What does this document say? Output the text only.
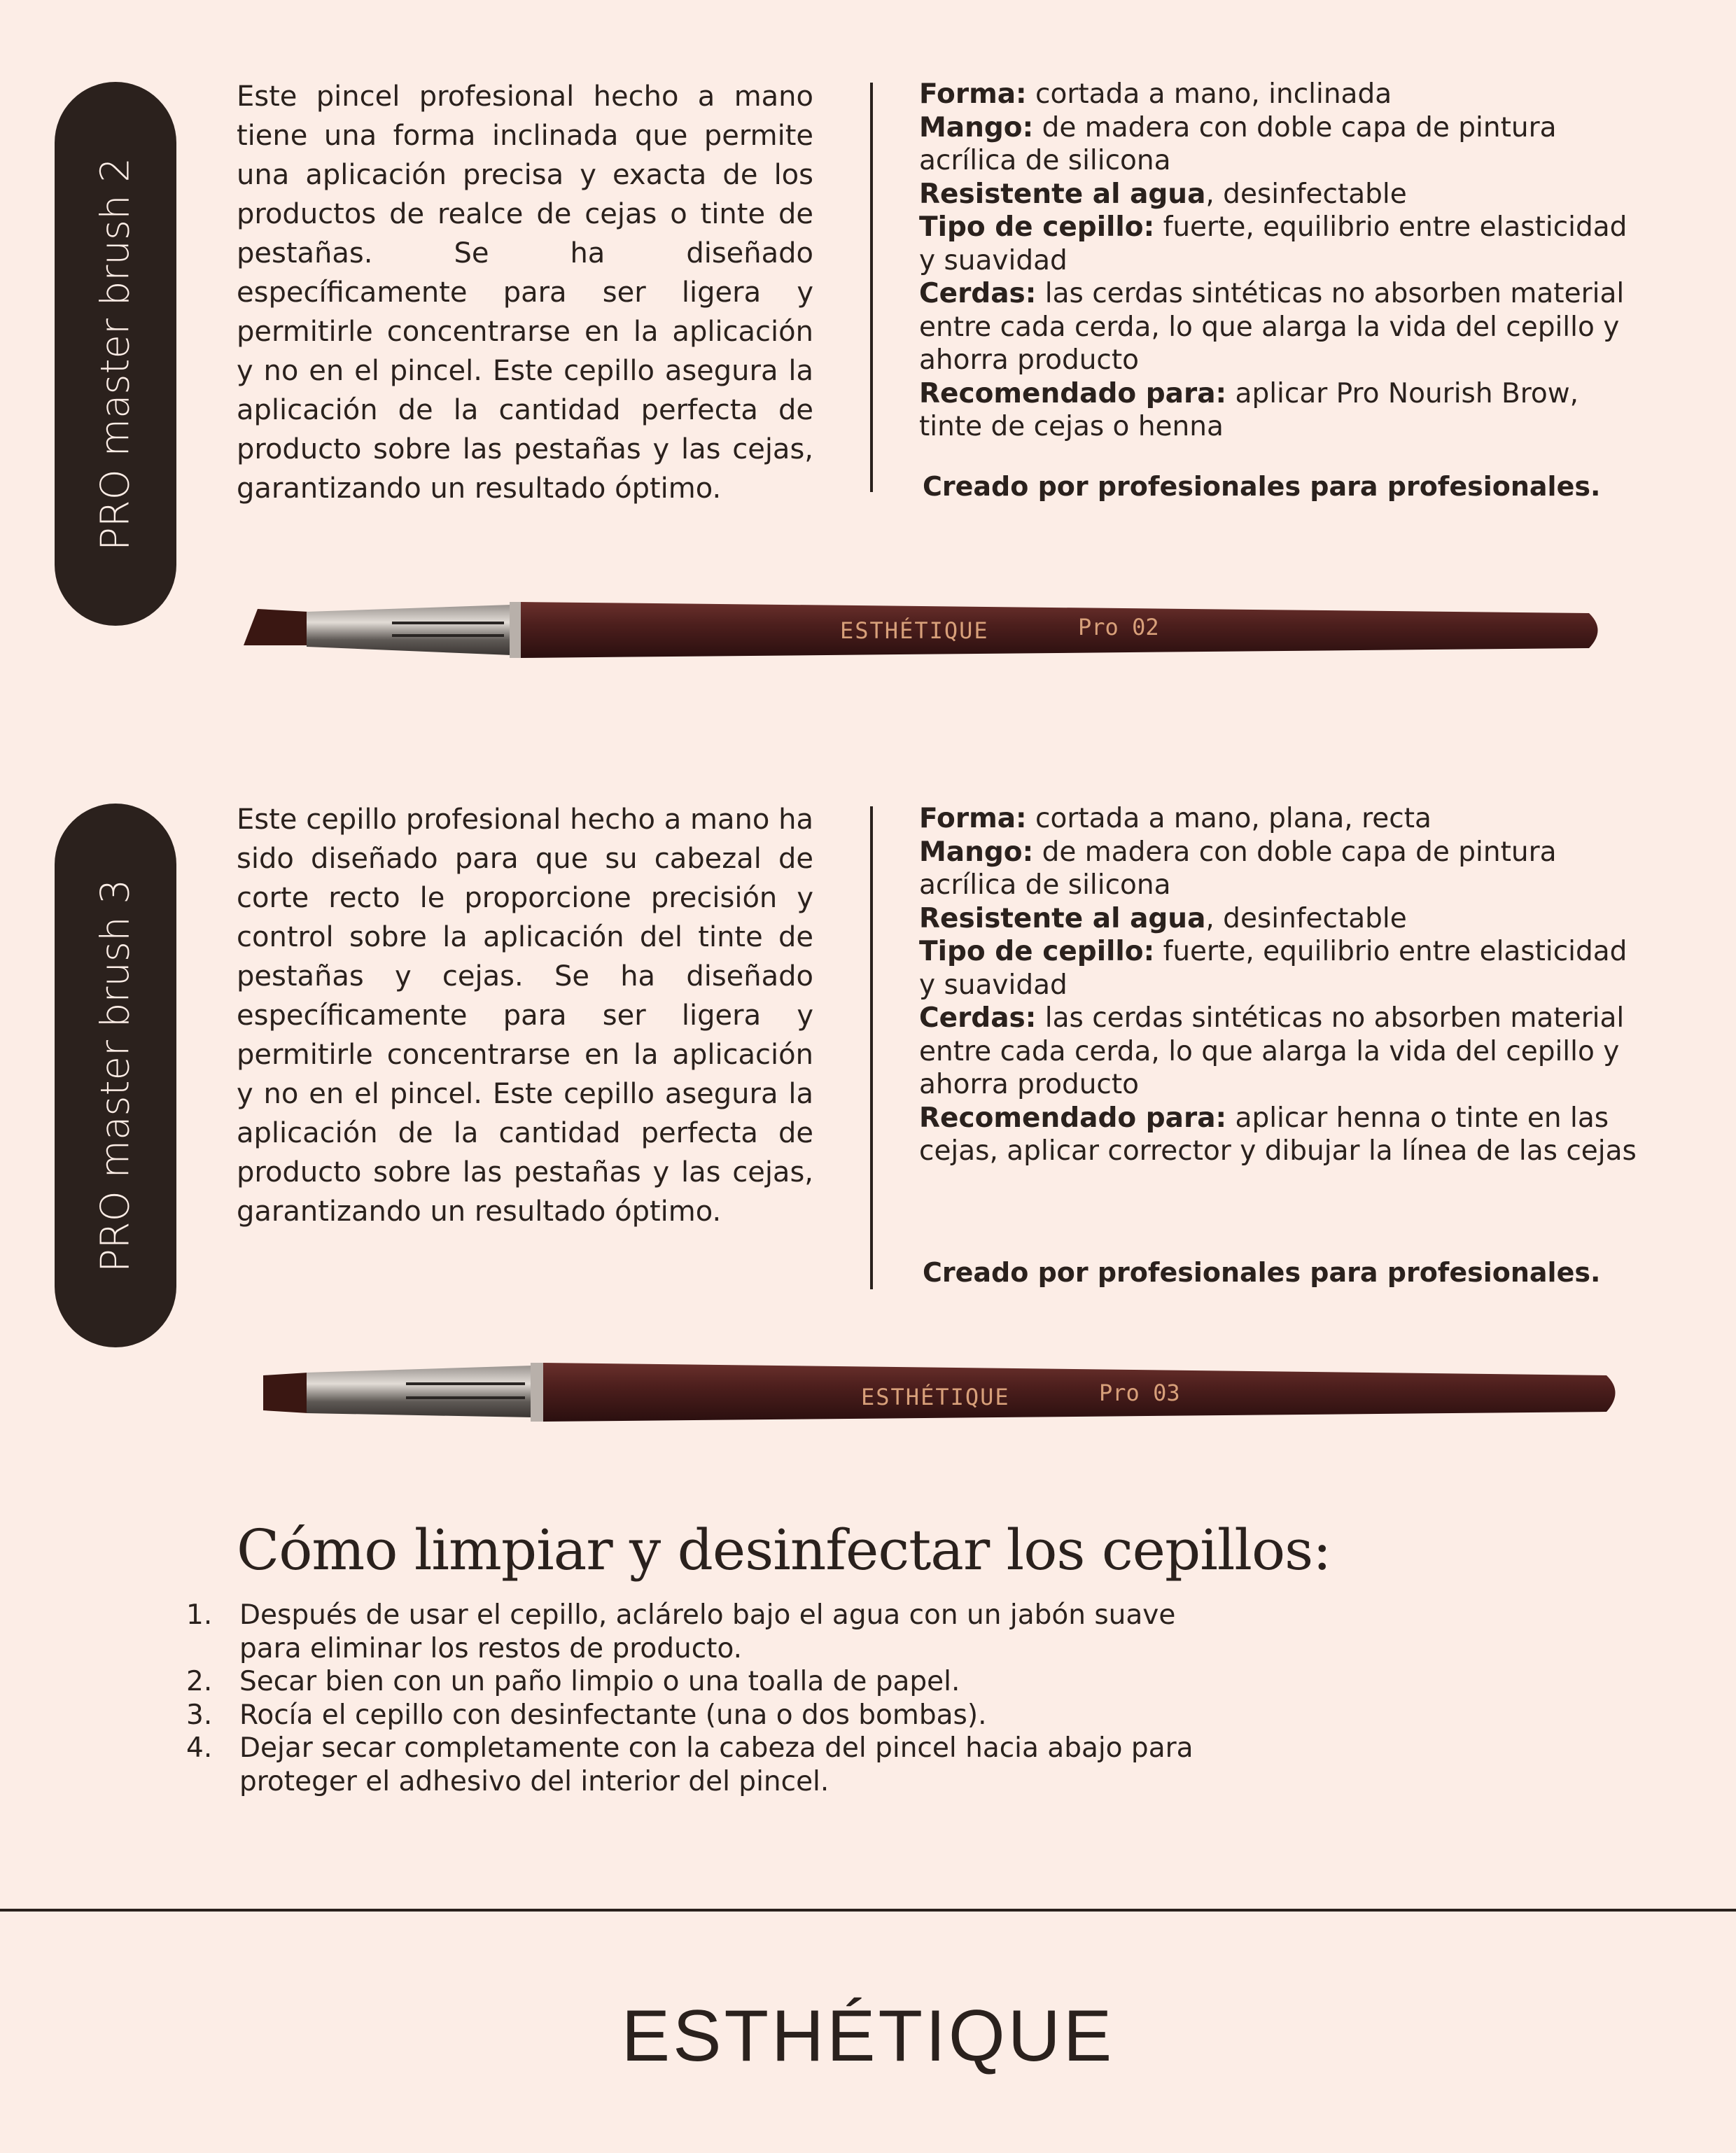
PRO master brush 2
Este pincel profesional hecho a mano tiene una forma inclinada que permite una aplicación precisa y exacta de los productos de realce de cejas o tinte de pestañas. Se ha diseñado específicamente para ser ligera y permitirle concentrarse en la aplicación y no en el pincel. Este cepillo asegura la aplicación de la cantidad perfecta de producto sobre las pestañas y las cejas, garantizando un resultado óptimo.
Forma: cortada a mano, inclinada
Mango: de madera con doble capa de pintura acrílica de silicona
Resistente al agua, desinfectable
Tipo de cepillo: fuerte, equilibrio entre elasticidad y suavidad
Cerdas: las cerdas sintéticas no absorben material entre cada cerda, lo que alarga la vida del cepillo y ahorra producto
Recomendado para: aplicar Pro Nourish Brow, tinte de cejas o henna
Creado por profesionales para profesionales.
ESTHÉTIQUE	Pro 02
PRO master brush 3
Este cepillo profesional hecho a mano ha sido diseñado para que su cabezal de corte recto le proporcione precisión y control sobre la aplicación del tinte de pestañas y cejas. Se ha diseñado específicamente para ser ligera y permitirle concentrarse en la aplicación y no en el pincel. Este cepillo asegura la aplicación de la cantidad perfecta de producto sobre las pestañas y las cejas, garantizando un resultado óptimo.
Forma: cortada a mano, plana, recta
Mango: de madera con doble capa de pintura acrílica de silicona
Resistente al agua, desinfectable
Tipo de cepillo: fuerte, equilibrio entre elasticidad y suavidad
Cerdas: las cerdas sintéticas no absorben material entre cada cerda, lo que alarga la vida del cepillo y ahorra producto
Recomendado para: aplicar henna o tinte en las cejas, aplicar corrector y dibujar la línea de las cejas
Creado por profesionales para profesionales.
ESTHÉTIQUE	Pro 03
Cómo limpiar y desinfectar los cepillos:
1. Después de usar el cepillo, aclárelo bajo el agua con un jabón suave para eliminar los restos de producto.
2. Secar bien con un paño limpio o una toalla de papel.
3. Rocía el cepillo con desinfectante (una o dos bombas).
4. Dejar secar completamente con la cabeza del pincel hacia abajo para proteger el adhesivo del interior del pincel.
ESTHÉTIQUE
